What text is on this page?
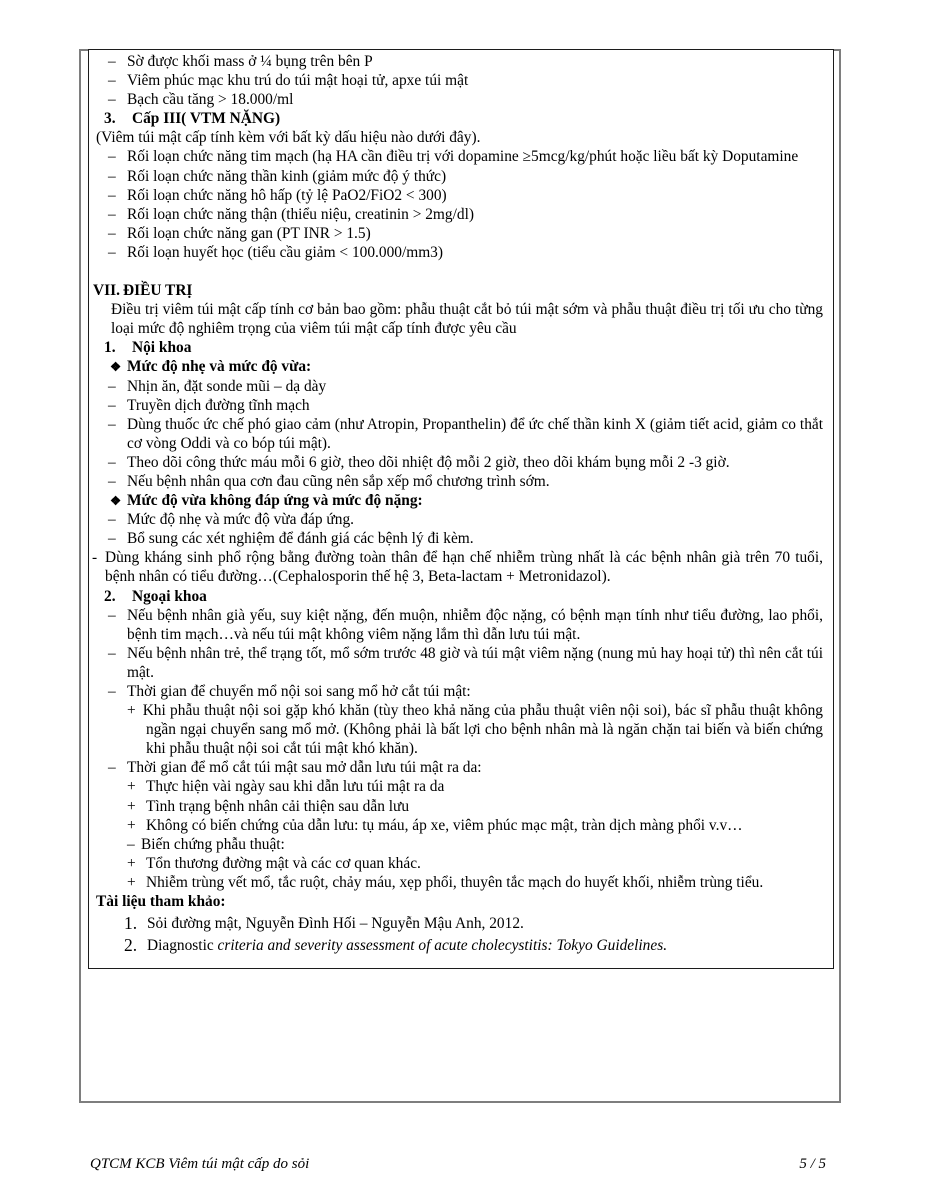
– Sờ được khối mass ở ¼ bụng trên bên P
– Viêm phúc mạc khu trú do túi mật hoại tử, apxe túi mật
– Bạch cầu tăng > 18.000/ml
3. Cấp III( VTM NẶNG)
(Viêm túi mật cấp tính kèm với bất kỳ dấu hiệu nào dưới đây).
– Rối loạn chức năng tim mạch (hạ HA cần điều trị với dopamine ≥5mcg/kg/phút hoặc liều bất kỳ Doputamine
– Rối loạn chức năng thần kinh (giảm mức độ ý thức)
– Rối loạn chức năng hô hấp (tỷ lệ PaO2/FiO2 < 300)
– Rối loạn chức năng thận (thiểu niệu, creatinin > 2mg/dl)
– Rối loạn chức năng gan (PT INR > 1.5)
– Rối loạn huyết học (tiểu cầu giảm < 100.000/mm3)
VII. ĐIỀU TRỊ
Điều trị viêm túi mật cấp tính cơ bản bao gồm: phẫu thuật cắt bỏ túi mật sớm và phẫu thuật điều trị tối ưu cho từng loại mức độ nghiêm trọng của viêm túi mật cấp tính được yêu cầu
1. Nội khoa
❖ Mức độ nhẹ và mức độ vừa:
– Nhịn ăn, đặt sonde mũi – dạ dày
– Truyền dịch đường tĩnh mạch
– Dùng thuốc ức chế phó giao cảm (như Atropin, Propanthelin) để ức chế thần kinh X (giảm tiết acid, giảm co thắt cơ vòng Oddi và co bóp túi mật).
– Theo dõi công thức máu mỗi 6 giờ, theo dõi nhiệt độ mỗi 2 giờ, theo dõi khám bụng mỗi 2 -3 giờ.
– Nếu bệnh nhân qua cơn đau cũng nên sắp xếp mổ chương trình sớm.
❖ Mức độ vừa không đáp ứng và mức độ nặng:
– Mức độ nhẹ và mức độ vừa đáp ứng.
– Bổ sung các xét nghiệm để đánh giá các bệnh lý đi kèm.
- Dùng kháng sinh phổ rộng bằng đường toàn thân để hạn chế nhiễm trùng nhất là các bệnh nhân già trên 70 tuổi, bệnh nhân có tiểu đường…(Cephalosporin thế hệ 3, Beta-lactam + Metronidazol).
2. Ngoại khoa
– Nếu bệnh nhân già yếu, suy kiệt nặng, đến muộn, nhiễm độc nặng, có bệnh mạn tính như tiểu đường, lao phổi, bệnh tim mạch…và nếu túi mật không viêm nặng lắm thì dẫn lưu túi mật.
– Nếu bệnh nhân trẻ, thể trạng tốt, mổ sớm trước 48 giờ và túi mật viêm nặng (nung mủ hay hoại tử) thì nên cắt túi mật.
– Thời gian để chuyển mổ nội soi sang mổ hở cắt túi mật:
+ Khi phẫu thuật nội soi gặp khó khăn (tùy theo khả năng của phẫu thuật viên nội soi), bác sĩ phẫu thuật không ngần ngại chuyển sang mổ mở. (Không phải là bất lợi cho bệnh nhân mà là ngăn chặn tai biến và biến chứng khi phẫu thuật nội soi cắt túi mật khó khăn).
– Thời gian để mổ cắt túi mật sau mở dẫn lưu túi mật ra da:
+ Thực hiện vài ngày sau khi dẫn lưu túi mật ra da
+ Tình trạng bệnh nhân cải thiện sau dẫn lưu
+ Không có biến chứng của dẫn lưu: tụ máu, áp xe, viêm phúc mạc mật, tràn dịch màng phổi v.v…
– Biến chứng phẫu thuật:
+ Tổn thương đường mật và các cơ quan khác.
+ Nhiễm trùng vết mổ, tắc ruột, chảy máu, xẹp phổi, thuyên tắc mạch do huyết khối, nhiễm trùng tiểu.
Tài liệu tham khảo:
1. Sỏi đường mật, Nguyễn Đình Hối – Nguyễn Mậu Anh, 2012.
2. Diagnostic criteria and severity assessment of acute cholecystitis: Tokyo Guidelines.
QTCM KCB Viêm túi mật cấp do sỏi	5 / 5
